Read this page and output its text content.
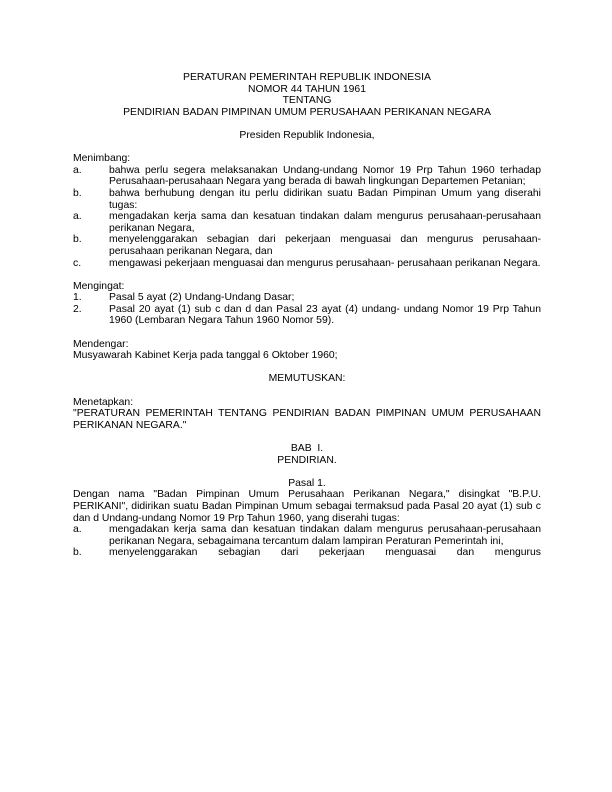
PERATURAN PEMERINTAH REPUBLIK INDONESIA
NOMOR 44 TAHUN 1961
TENTANG
PENDIRIAN BADAN PIMPINAN UMUM PERUSAHAAN PERIKANAN NEGARA
Presiden Republik Indonesia,
Menimbang:
a.	bahwa perlu segera melaksanakan Undang-undang Nomor 19 Prp Tahun 1960 terhadap Perusahaan-perusahaan Negara yang berada di bawah lingkungan Departemen Petanian;
b.	bahwa berhubung dengan itu perlu didirikan suatu Badan Pimpinan Umum yang diserahi tugas:
a.	mengadakan kerja sama dan kesatuan tindakan dalam mengurus perusahaan-perusahaan perikanan Negara,
b.	menyelenggarakan sebagian dari pekerjaan menguasai dan mengurus perusahaan-perusahaan perikanan Negara, dan
c.	mengawasi pekerjaan menguasai dan mengurus perusahaan- perusahaan perikanan Negara.
Mengingat:
1.	Pasal 5 ayat (2) Undang-Undang Dasar;
2.	Pasal 20 ayat (1) sub c dan d dan Pasal 23 ayat (4) undang- undang Nomor 19 Prp Tahun 1960 (Lembaran Negara Tahun 1960 Nomor 59).
Mendengar:
Musyawarah Kabinet Kerja pada tanggal 6 Oktober 1960;
MEMUTUSKAN:
Menetapkan:
"PERATURAN PEMERINTAH TENTANG PENDIRIAN BADAN PIMPINAN UMUM PERUSAHAAN PERIKANAN NEGARA."
BAB  I.
PENDIRIAN.
Pasal 1.
Dengan nama "Badan Pimpinan Umum Perusahaan Perikanan Negara," disingkat "B.P.U. PERIKANI", didirikan suatu Badan Pimpinan Umum sebagai termaksud pada Pasal 20 ayat (1) sub c dan d Undang-undang Nomor 19 Prp Tahun 1960, yang diserahi tugas:
a.	mengadakan kerja sama dan kesatuan tindakan dalam mengurus perusahaan-perusahaan perikanan Negara, sebagaimana tercantum dalam lampiran Peraturan Pemerintah ini,
b.	menyelenggarakan sebagian dari pekerjaan menguasai dan mengurus
